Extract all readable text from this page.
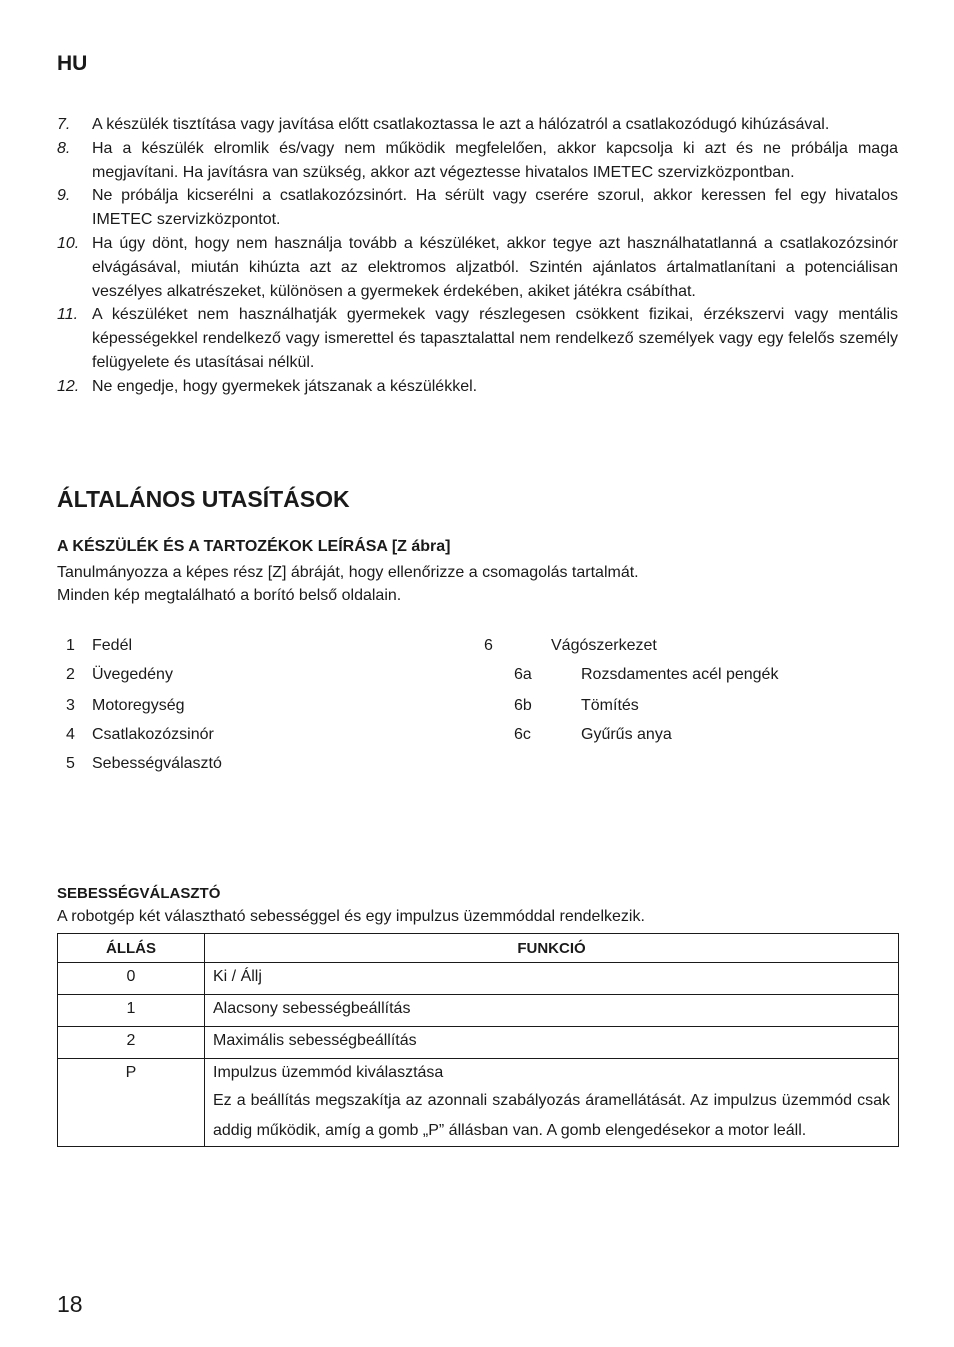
HU
7.	A készülék tisztítása vagy javítása előtt csatlakoztassa le azt a hálózatról a csatlakozódugó kihúzásával.
8.	Ha a készülék elromlik és/vagy nem működik megfelelően, akkor kapcsolja ki azt és ne próbálja maga megjavítani. Ha javításra van szükség, akkor azt végeztesse hivatalos IMETEC szervizközpontban.
9.	Ne próbálja kicserélni a csatlakozózsinórt. Ha sérült vagy cserére szorul, akkor keressen fel egy hivatalos IMETEC szervizközpontot.
10. Ha úgy dönt, hogy nem használja tovább a készüléket, akkor tegye azt használhatatlanná a csatlakozózsinór elvágásával, miután kihúzta azt az elektromos aljzatból. Szintén ajánlatos ártalmatlanítani a potenciálisan veszélyes alkatrészeket, különösen a gyermekek érdekében, akiket játékra csábíthat.
11. A készüléket nem használhatják gyermekek vagy részlegesen csökkent fizikai, érzékszervi vagy mentális képességekkel rendelkező vagy ismerettel és tapasztalattal nem rendelkező személyek vagy egy felelős személy felügyelete és utasításai nélkül.
12. Ne engedje, hogy gyermekek játszanak a készülékkel.
ÁLTALÁNOS UTASÍTÁSOK
A KÉSZÜLÉK ÉS A TARTOZÉKOK LEÍRÁSA [Z ábra]
Tanulmányozza a képes rész [Z] ábráját, hogy ellenőrizze a csomagolás tartalmát.
Minden kép megtalálható a borító belső oldalain.
1	Fedél
2	Üvegedény
3	Motoregység
4	Csatlakozózsinór
5	Sebességválasztó
6	Vágószerkezet
6a	Rozsdamentes acél pengék
6b	Tömítés
6c	Gyűrűs anya
SEBESSÉGVÁLASZTÓ
A robotgép két választható sebességgel és egy impulzus üzemmóddal rendelkezik.
ÁLLÁS	FUNKCIÓ
0	Ki / Állj
1	Alacsony sebességbeállítás
2	Maximális sebességbeállítás
P	Impulzus üzemmód kiválasztása
Ez a beállítás megszakítja az azonnali szabályozás áramellátását. Az impulzus üzemmód csak addig működik, amíg a gomb „P” állásban van. A gomb elengedésekor a motor leáll.
18
